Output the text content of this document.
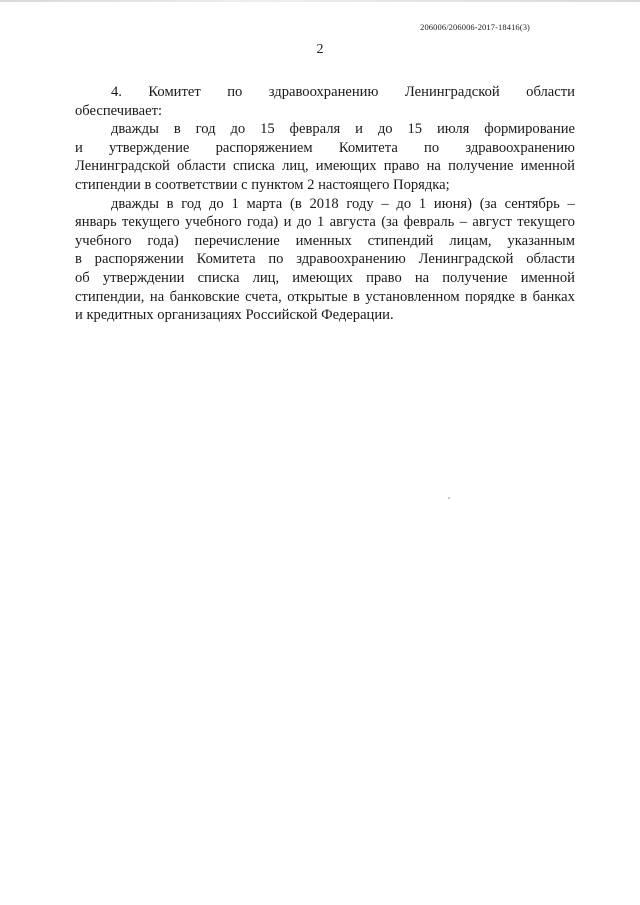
206006/206006-2017-18416(3)
2
4. Комитет по здравоохранению Ленинградской области
обеспечивает:
дважды в год до 15 февраля и до 15 июля формирование
и утверждение распоряжением Комитета по здравоохранению
Ленинградской области списка лиц, имеющих право на получение именной
стипендии в соответствии с пунктом 2 настоящего Порядка;
дважды в год до 1 марта (в 2018 году – до 1 июня) (за сентябрь –
январь текущего учебного года) и до 1 августа (за февраль – август текущего
учебного года) перечисление именных стипендий лицам, указанным
в распоряжении Комитета по здравоохранению Ленинградской области
об утверждении списка лиц, имеющих право на получение именной
стипендии, на банковские счета, открытые в установленном порядке в банках
и кредитных организациях Российской Федерации.
